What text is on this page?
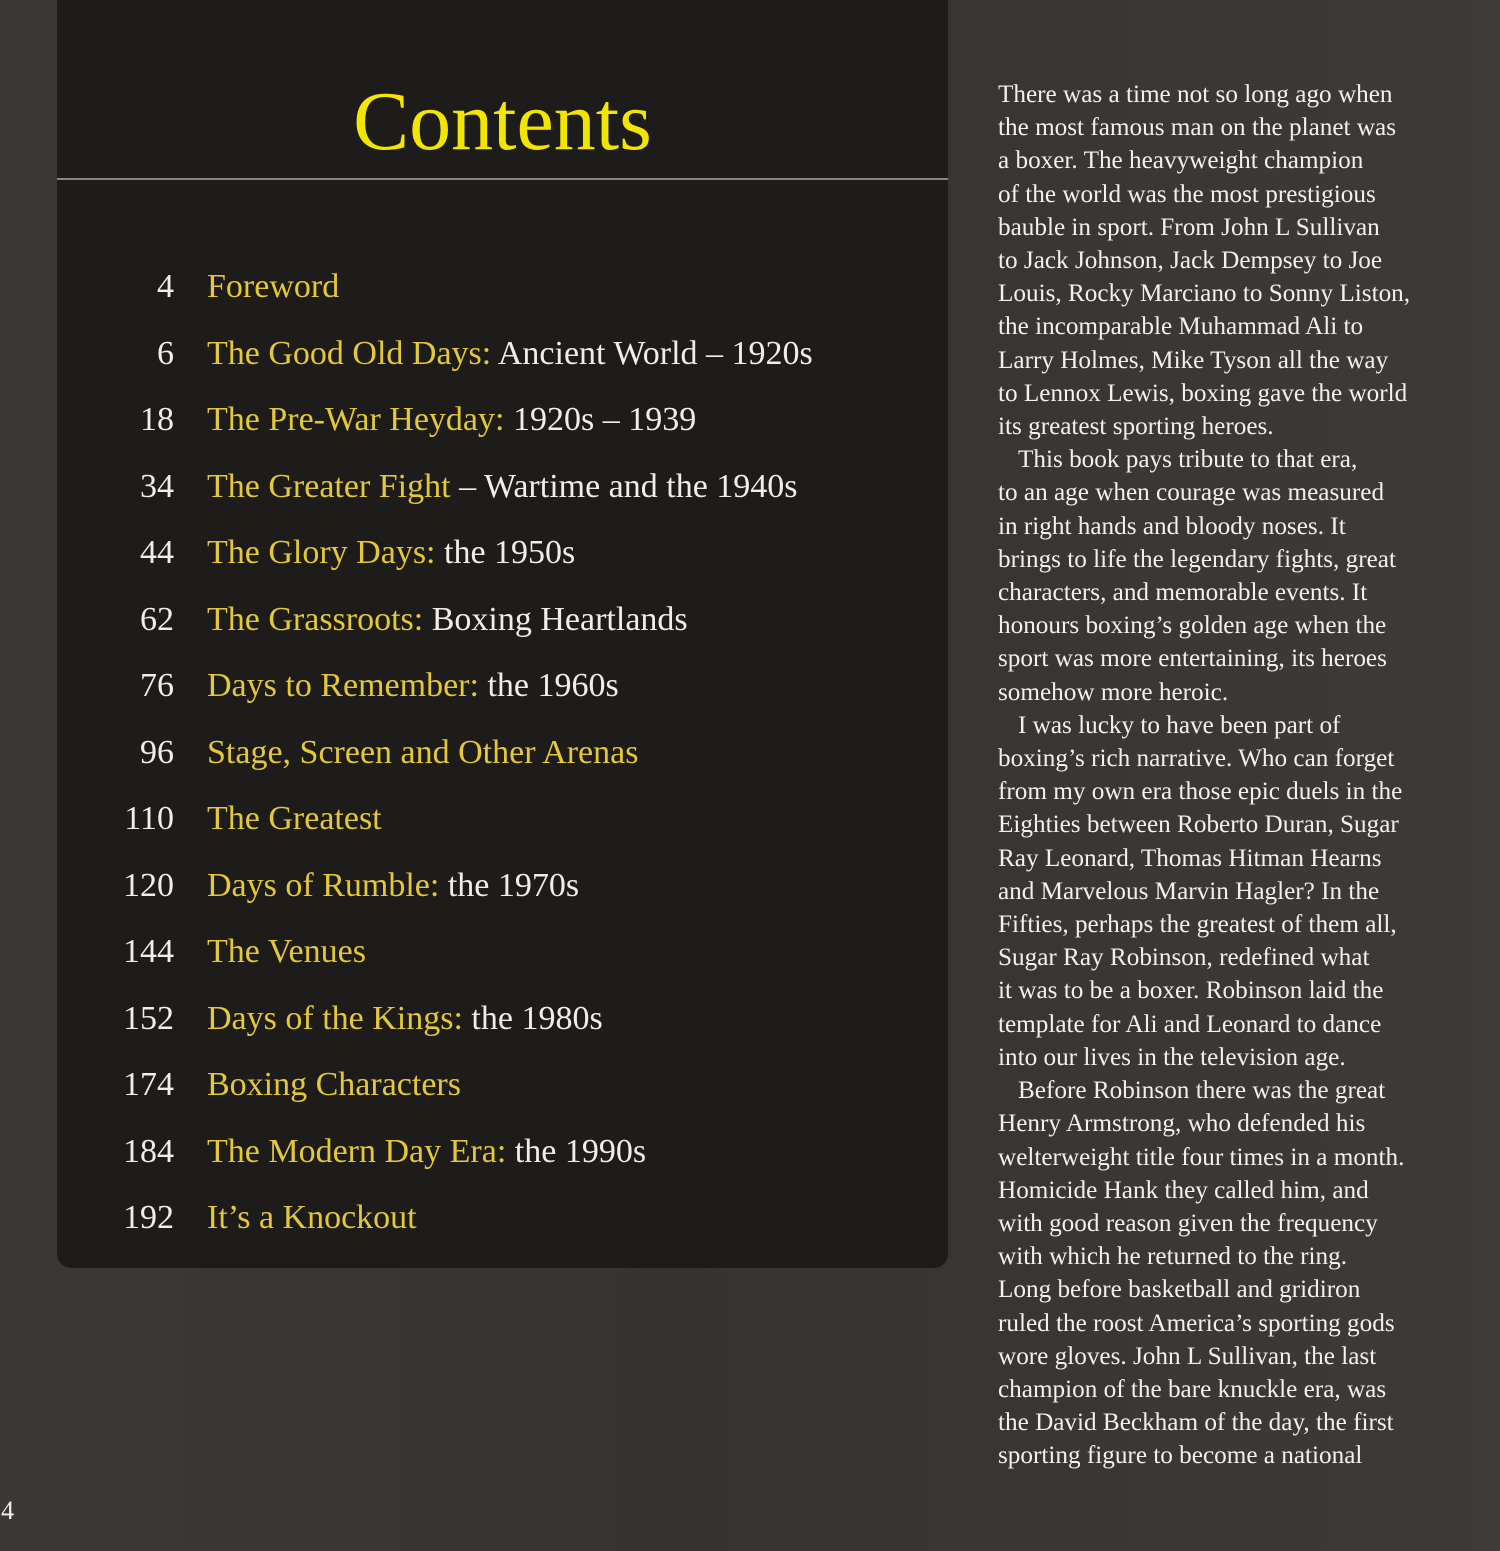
Contents
4 Foreword
6 The Good Old Days: Ancient World – 1920s
18 The Pre-War Heyday: 1920s – 1939
34 The Greater Fight – Wartime and the 1940s
44 The Glory Days: the 1950s
62 The Grassroots: Boxing Heartlands
76 Days to Remember: the 1960s
96 Stage, Screen and Other Arenas
110 The Greatest
120 Days of Rumble: the 1970s
144 The Venues
152 Days of the Kings: the 1980s
174 Boxing Characters
184 The Modern Day Era: the 1990s
192 It’s a Knockout

There was a time not so long ago when
the most famous man on the planet was
a boxer. The heavyweight champion
of the world was the most prestigious
bauble in sport. From John L Sullivan
to Jack Johnson, Jack Dempsey to Joe
Louis, Rocky Marciano to Sonny Liston,
the incomparable Muhammad Ali to
Larry Holmes, Mike Tyson all the way
to Lennox Lewis, boxing gave the world
its greatest sporting heroes.

This book pays tribute to that era,
to an age when courage was measured
in right hands and bloody noses. It
brings to life the legendary fights, great
characters, and memorable events. It
honours boxing’s golden age when the
sport was more entertaining, its heroes
somehow more heroic.

I was lucky to have been part of
boxing’s rich narrative. Who can forget
from my own era those epic duels in the
Eighties between Roberto Duran, Sugar
Ray Leonard, Thomas Hitman Hearns
and Marvelous Marvin Hagler? In the
Fifties, perhaps the greatest of them all,
Sugar Ray Robinson, redefined what
it was to be a boxer. Robinson laid the
template for Ali and Leonard to dance
into our lives in the television age.

Before Robinson there was the great
Henry Armstrong, who defended his
welterweight title four times in a month.
Homicide Hank they called him, and
with good reason given the frequency
with which he returned to the ring.
Long before basketball and gridiron
ruled the roost America’s sporting gods
wore gloves. John L Sullivan, the last
champion of the bare knuckle era, was
the David Beckham of the day, the first
sporting figure to become a national

4
